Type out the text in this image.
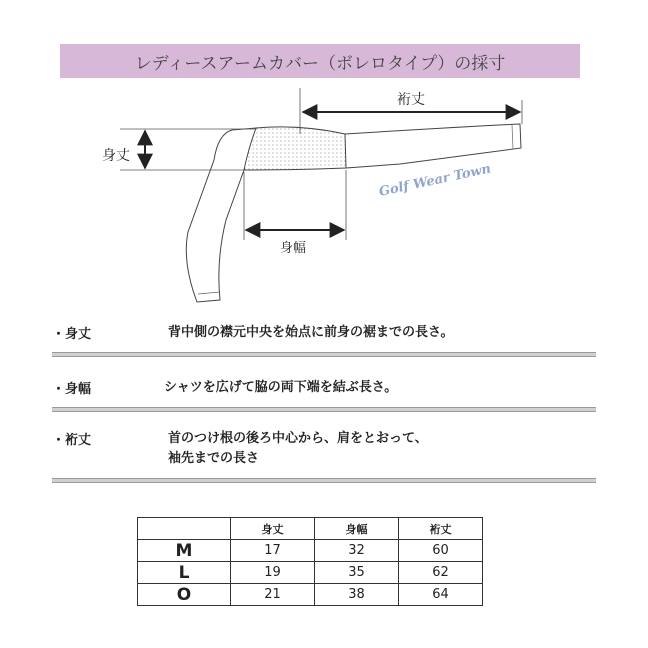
レディースアームカバー（ボレロタイプ）の採寸
身丈
身幅
裄丈
Golf Wear Town
・身丈	背中側の襟元中央を始点に前身の裾までの長さ。
・身幅	シャツを広げて脇の両下端を結ぶ長さ。
・裄丈	首のつけ根の後ろ中心から、肩をとおって、
袖先までの長さ
	身丈	身幅	裄丈
M	17	32	60
L	19	35	62
O	21	38	64
